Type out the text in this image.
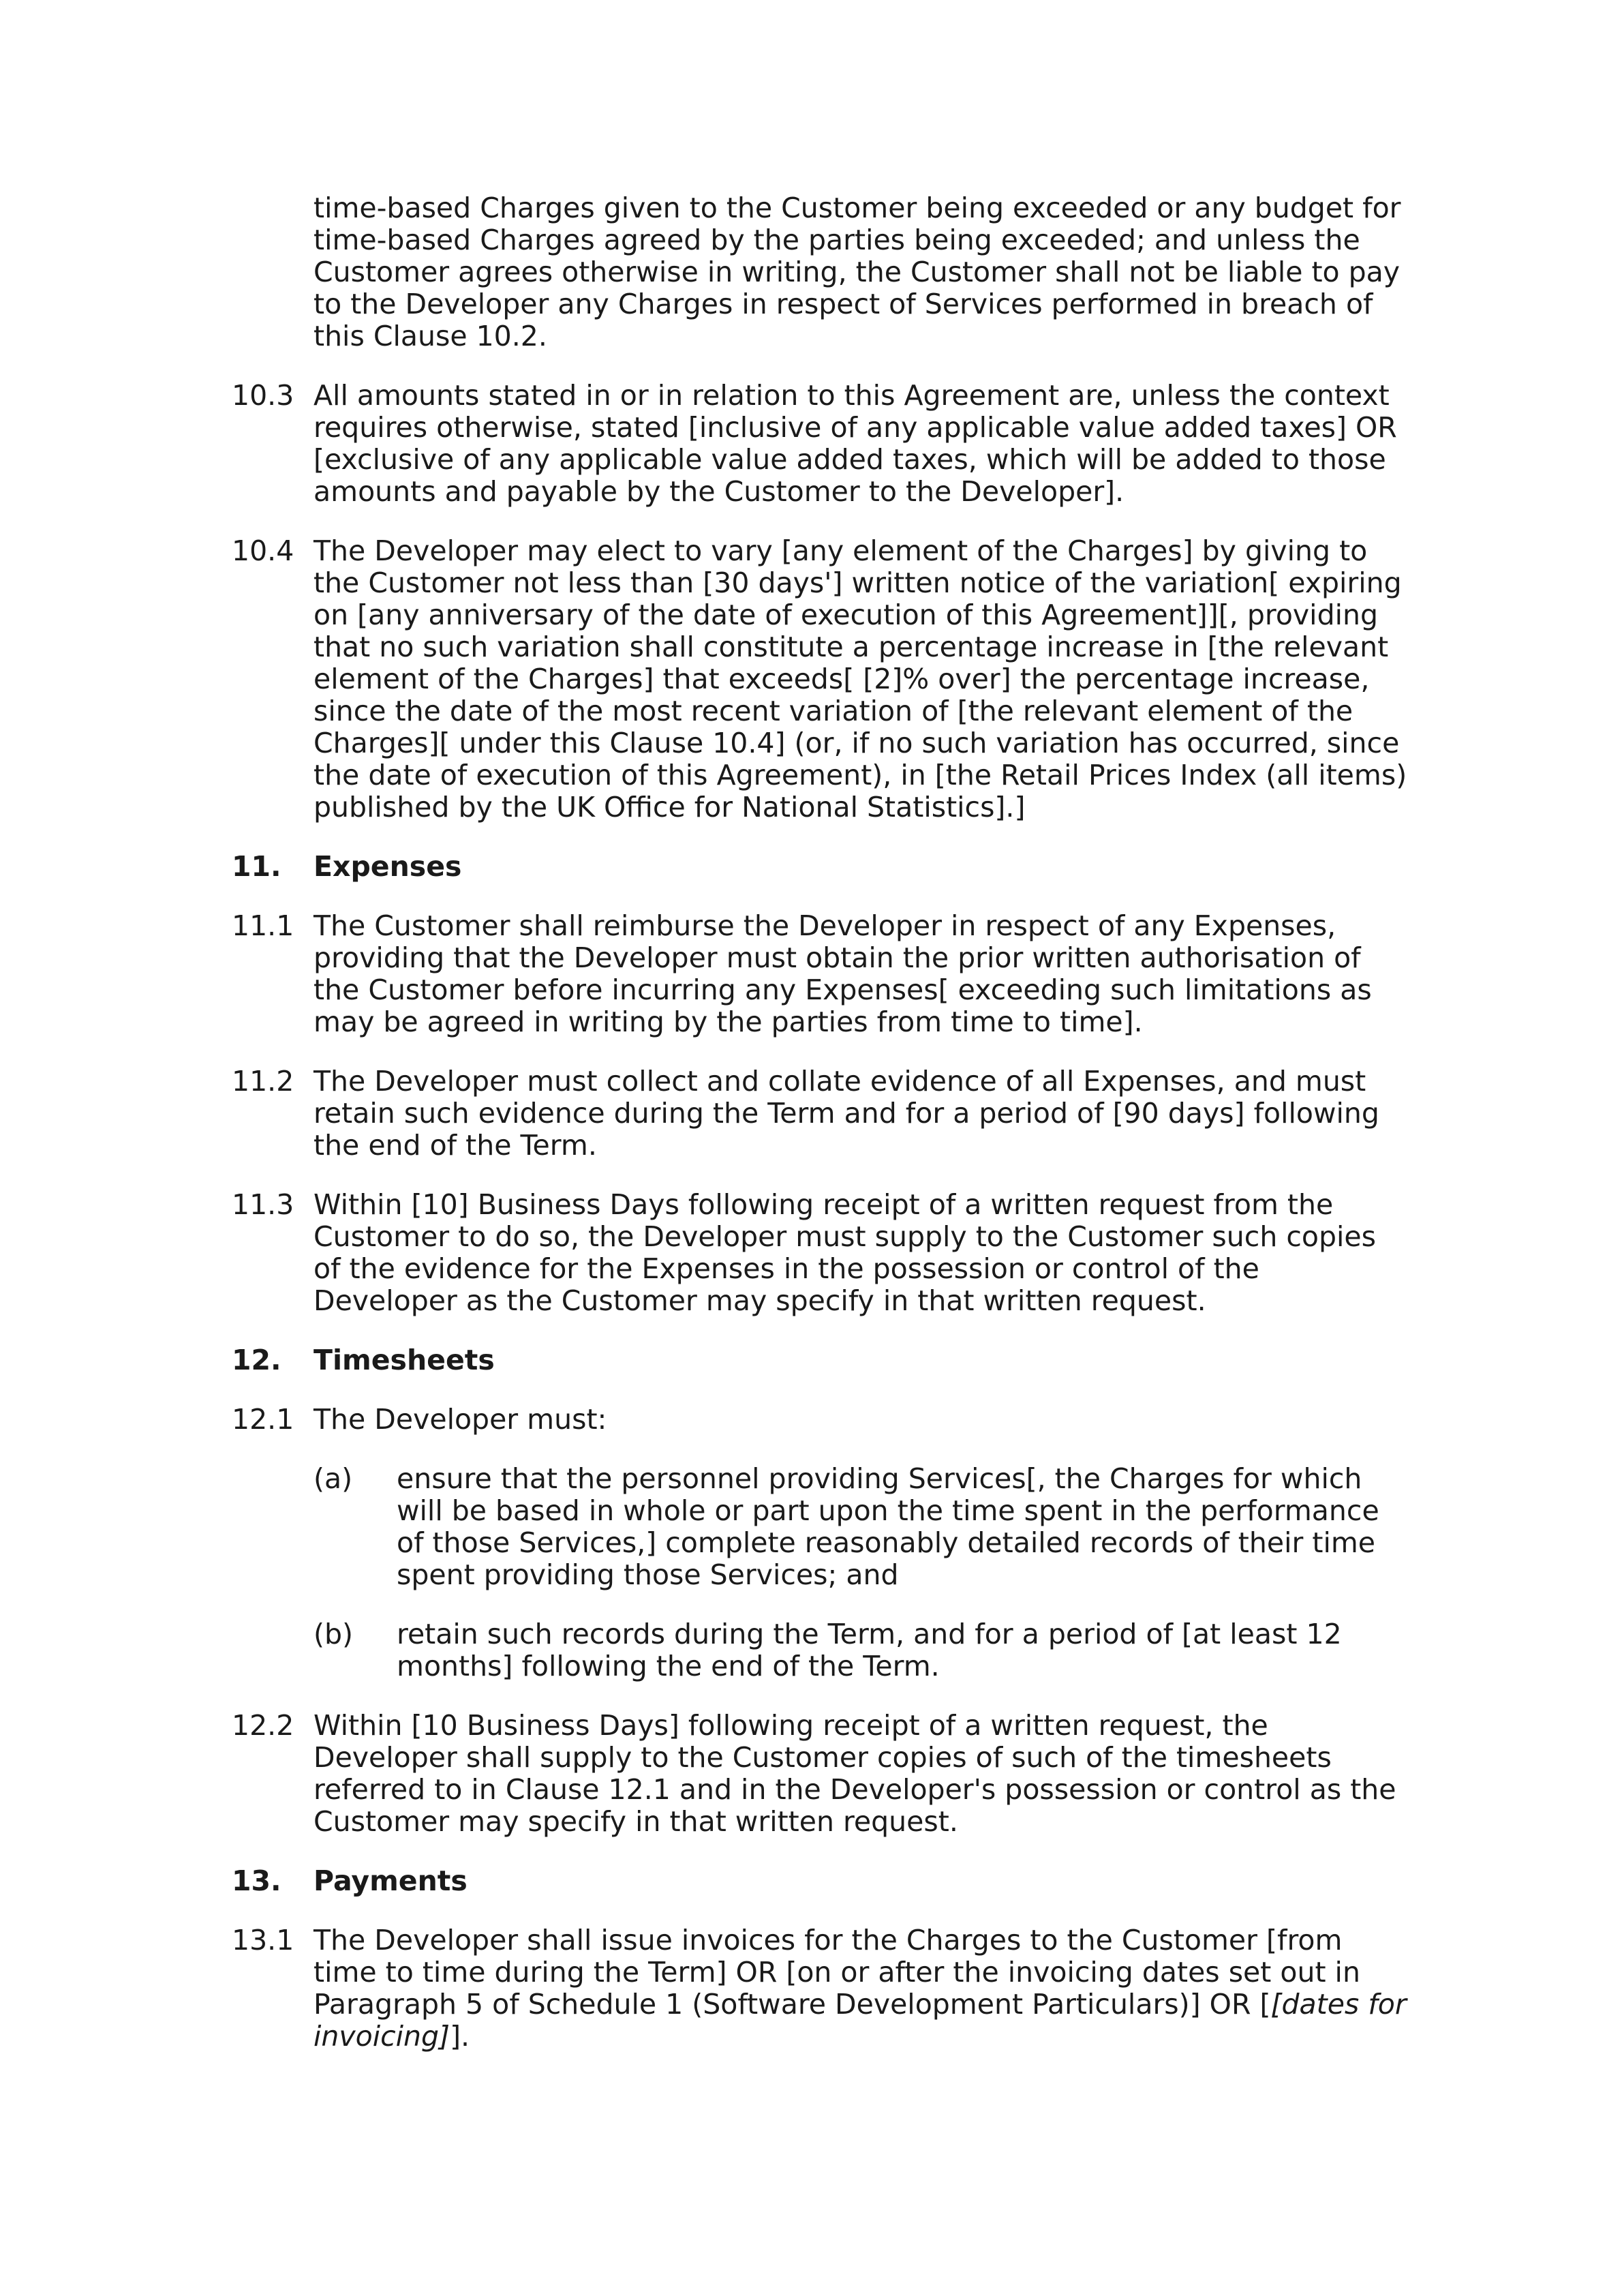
time-based Charges given to the Customer being exceeded or any budget for time-based Charges agreed by the parties being exceeded; and unless the Customer agrees otherwise in writing, the Customer shall not be liable to pay to the Developer any Charges in respect of Services performed in breach of this Clause 10.2.

10.3 All amounts stated in or in relation to this Agreement are, unless the context requires otherwise, stated [inclusive of any applicable value added taxes] OR [exclusive of any applicable value added taxes, which will be added to those amounts and payable by the Customer to the Developer].
10.4 The Developer may elect to vary [any element of the Charges] by giving to the Customer not less than [30 days'] written notice of the variation[ expiring on [any anniversary of the date of execution of this Agreement]][, providing that no such variation shall constitute a percentage increase in [the relevant element of the Charges] that exceeds[ [2]% over] the percentage increase, since the date of the most recent variation of [the relevant element of the Charges][ under this Clause 10.4] (or, if no such variation has occurred, since the date of execution of this Agreement), in [the Retail Prices Index (all items) published by the UK Office for National Statistics].]
11.	Expenses
11.1 The Customer shall reimburse the Developer in respect of any Expenses, providing that the Developer must obtain the prior written authorisation of the Customer before incurring any Expenses[ exceeding such limitations as may be agreed in writing by the parties from time to time].
11.2 The Developer must collect and collate evidence of all Expenses, and must retain such evidence during the Term and for a period of [90 days] following the end of the Term.
11.3 Within [10] Business Days following receipt of a written request from the Customer to do so, the Developer must supply to the Customer such copies of the evidence for the Expenses in the possession or control of the Developer as the Customer may specify in that written request.
12.	Timesheets
12.1 The Developer must:
(a)	ensure that the personnel providing Services[, the Charges for which will be based in whole or part upon the time spent in the performance of those Services,] complete reasonably detailed records of their time spent providing those Services; and
(b)	retain such records during the Term, and for a period of [at least 12 months] following the end of the Term.
12.2 Within [10 Business Days] following receipt of a written request, the Developer shall supply to the Customer copies of such of the timesheets referred to in Clause 12.1 and in the Developer's possession or control as the Customer may specify in that written request.
13.	Payments
13.1 The Developer shall issue invoices for the Charges to the Customer [from time to time during the Term] OR [on or after the invoicing dates set out in Paragraph 5 of Schedule 1 (Software Development Particulars)] OR [[dates for invoicing]].
